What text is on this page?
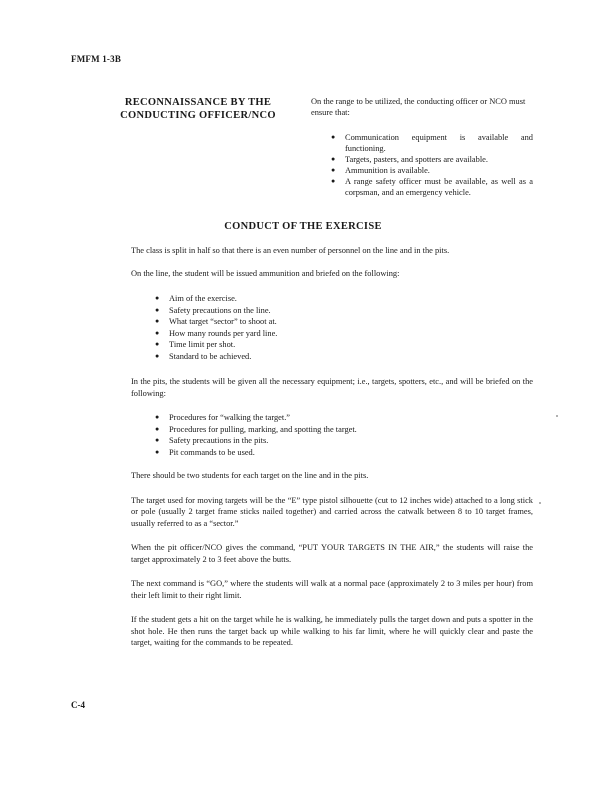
FMFM 1-3B
RECONNAISSANCE BY THE
CONDUCTING OFFICER/NCO

On the range to be utilized, the conducting officer or NCO must ensure that:

● Communication equipment is available and functioning.
● Targets, pasters, and spotters are available.
● Ammunition is available.
● A range safety officer must be available, as well as a corpsman, and an emergency vehicle.
CONDUCT OF THE EXERCISE

The class is split in half so that there is an even number of personnel on the line and in the pits.

On the line, the student will be issued ammunition and briefed on the following:

● Aim of the exercise.
● Safety precautions on the line.
● What target “sector” to shoot at.
● How many rounds per yard line.
● Time limit per shot.
● Standard to be achieved.

In the pits, the students will be given all the necessary equipment; i.e., targets, spotters, etc., and will be briefed on the following:

● Procedures for “walking the target.”
● Procedures for pulling, marking, and spotting the target.
● Safety precautions in the pits.
● Pit commands to be used.

There should be two students for each target on the line and in the pits.

The target used for moving targets will be the “E” type pistol silhouette (cut to 12 inches wide) attached to a long stick or pole (usually 2 target frame sticks nailed together) and carried across the catwalk between 8 to 10 target frames, usually referred to as a “sector.”

When the pit officer/NCO gives the command, “PUT YOUR TARGETS IN THE AIR,” the students will raise the target approximately 2 to 3 feet above the butts.

The next command is “GO,” where the students will walk at a normal pace (approximately 2 to 3 miles per hour) from their left limit to their right limit.

If the student gets a hit on the target while he is walking, he immediately pulls the target down and puts a spotter in the shot hole. He then runs the target back up while walking to his far limit, where he will quickly clear and paste the target, waiting for the commands to be repeated.

C-4
